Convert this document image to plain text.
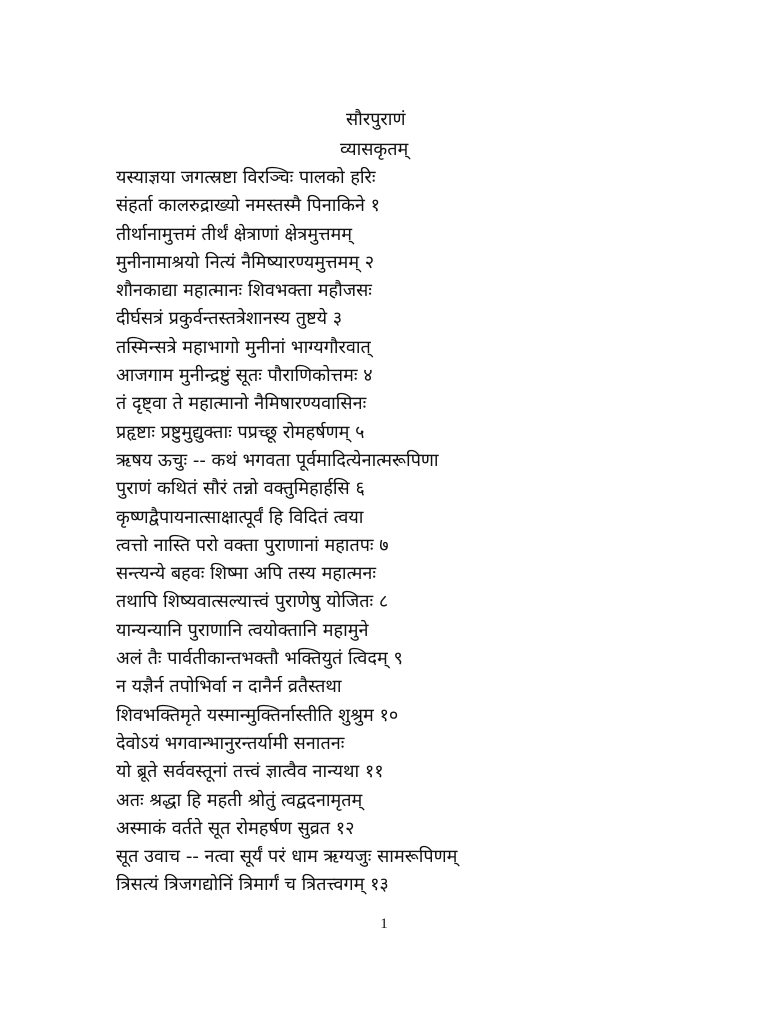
सौरपुराणं
व्यासकृतम्
यस्याज्ञया जगत्स्रष्टा विरञ्चिः पालको हरिः
संहर्ता कालरुद्राख्यो नमस्तस्मै पिनाकिने १
तीर्थानामुत्तमं तीर्थं क्षेत्राणां क्षेत्रमुत्तमम्
मुनीनामाश्रयो नित्यं नैमिष्यारण्यमुत्तमम् २
शौनकाद्या महात्मानः शिवभक्ता महौजसः
दीर्घसत्रं प्रकुर्वन्तस्तत्रेशानस्य तुष्टये ३
तस्मिन्सत्रे महाभागो मुनीनां भाग्यगौरवात्
आजगाम मुनीन्द्रष्टुं सूतः पौराणिकोत्तमः ४
तं दृष्ट्वा ते महात्मानो नैमिषारण्यवासिनः
प्रहृष्टाः प्रष्टुमुद्युक्ताः पप्रच्छू रोमहर्षणम् ५
ऋषय ऊचुः -- कथं भगवता पूर्वमादित्येनात्मरूपिणा
पुराणं कथितं सौरं तन्नो वक्तुमिहार्हसि ६
कृष्णद्वैपायनात्साक्षात्पूर्वं हि विदितं त्वया
त्वत्तो नास्ति परो वक्ता पुराणानां महातपः ७
सन्त्यन्ये बहवः शिष्मा अपि तस्य महात्मनः
तथापि शिष्यवात्सल्यात्त्वं पुराणेषु योजितः ८
यान्यन्यानि पुराणानि त्वयोक्तानि महामुने
अलं तैः पार्वतीकान्तभक्तौ भक्तियुतं त्विदम् ९
न यज्ञैर्न तपोभिर्वा न दानैर्न व्रतैस्तथा
शिवभक्तिमृते यस्मान्मुक्तिर्नास्तीति शुश्रुम १०
देवोऽयं भगवान्भानुरन्तर्यामी सनातनः
यो ब्रूते सर्ववस्तूनां तत्त्वं ज्ञात्वैव नान्यथा ११
अतः श्रद्धा हि महती श्रोतुं त्वद्वदनामृतम्
अस्माकं वर्तते सूत रोमहर्षण सुव्रत १२
सूत उवाच -- नत्वा सूर्यं परं धाम ऋग्यजुः सामरूपिणम्
त्रिसत्यं त्रिजगद्योनिं त्रिमार्गं च त्रितत्त्वगम् १३
1
